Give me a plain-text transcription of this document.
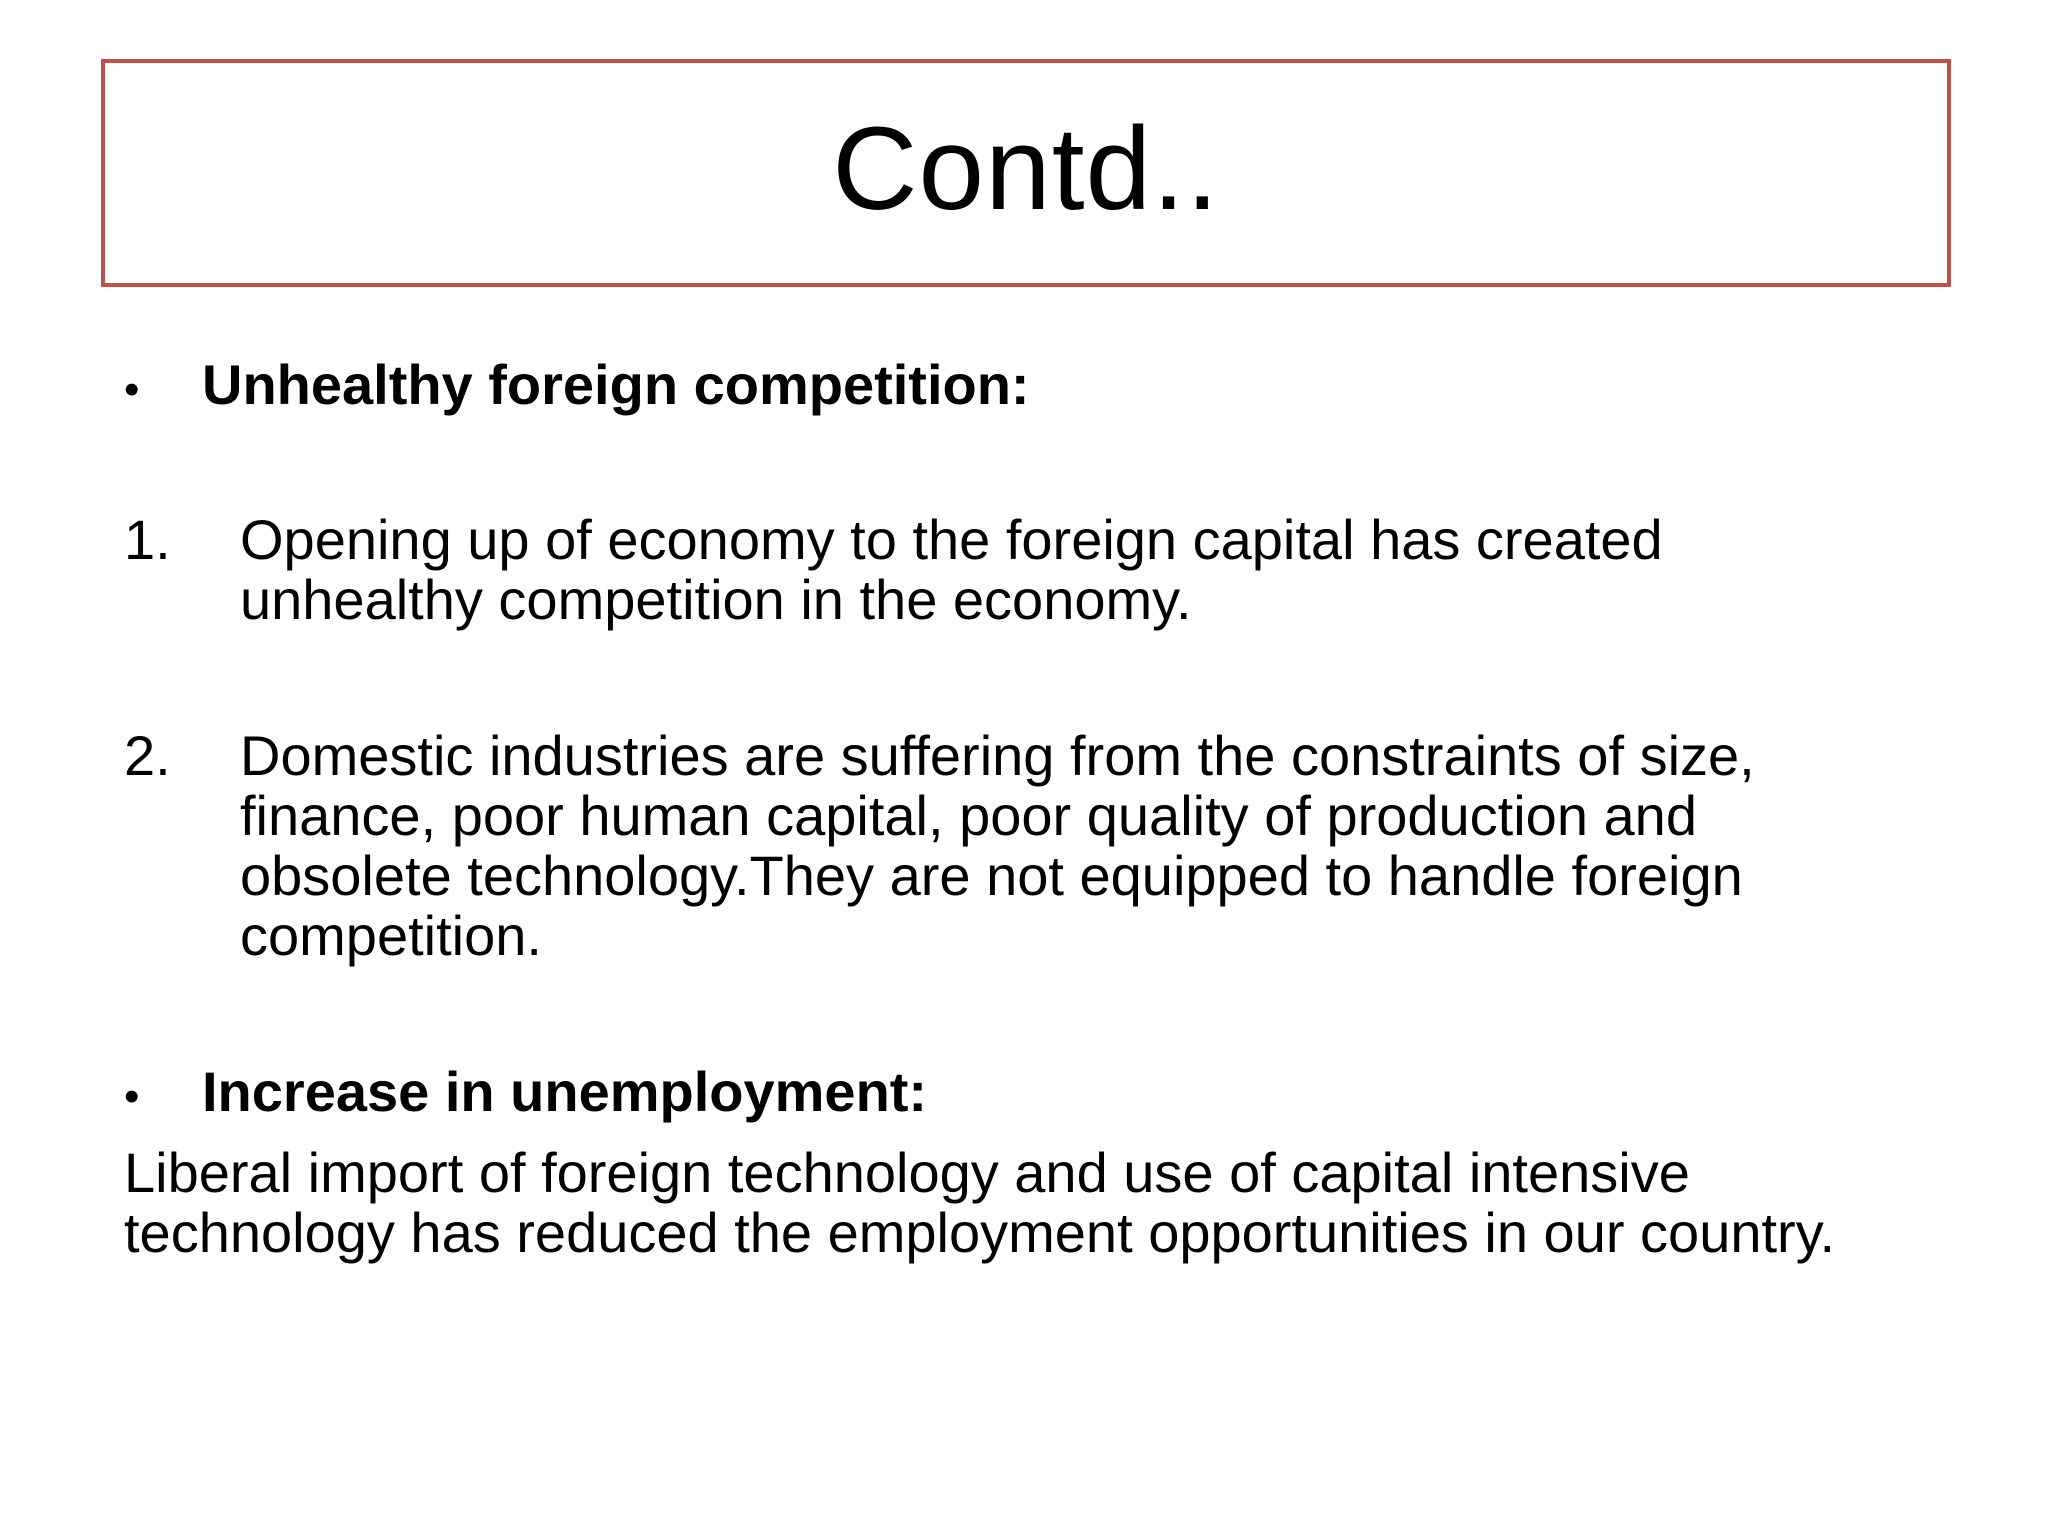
Contd..
•	Unhealthy foreign competition:
1.	Opening up of economy to the foreign capital has created unhealthy competition in the economy.
2.	Domestic industries are suffering from the constraints of size, finance, poor human capital, poor quality of production and obsolete technology.They are not equipped to handle foreign competition.
•	Increase in unemployment:
Liberal import of foreign technology and use of capital intensive technology has reduced the employment opportunities in our country.
